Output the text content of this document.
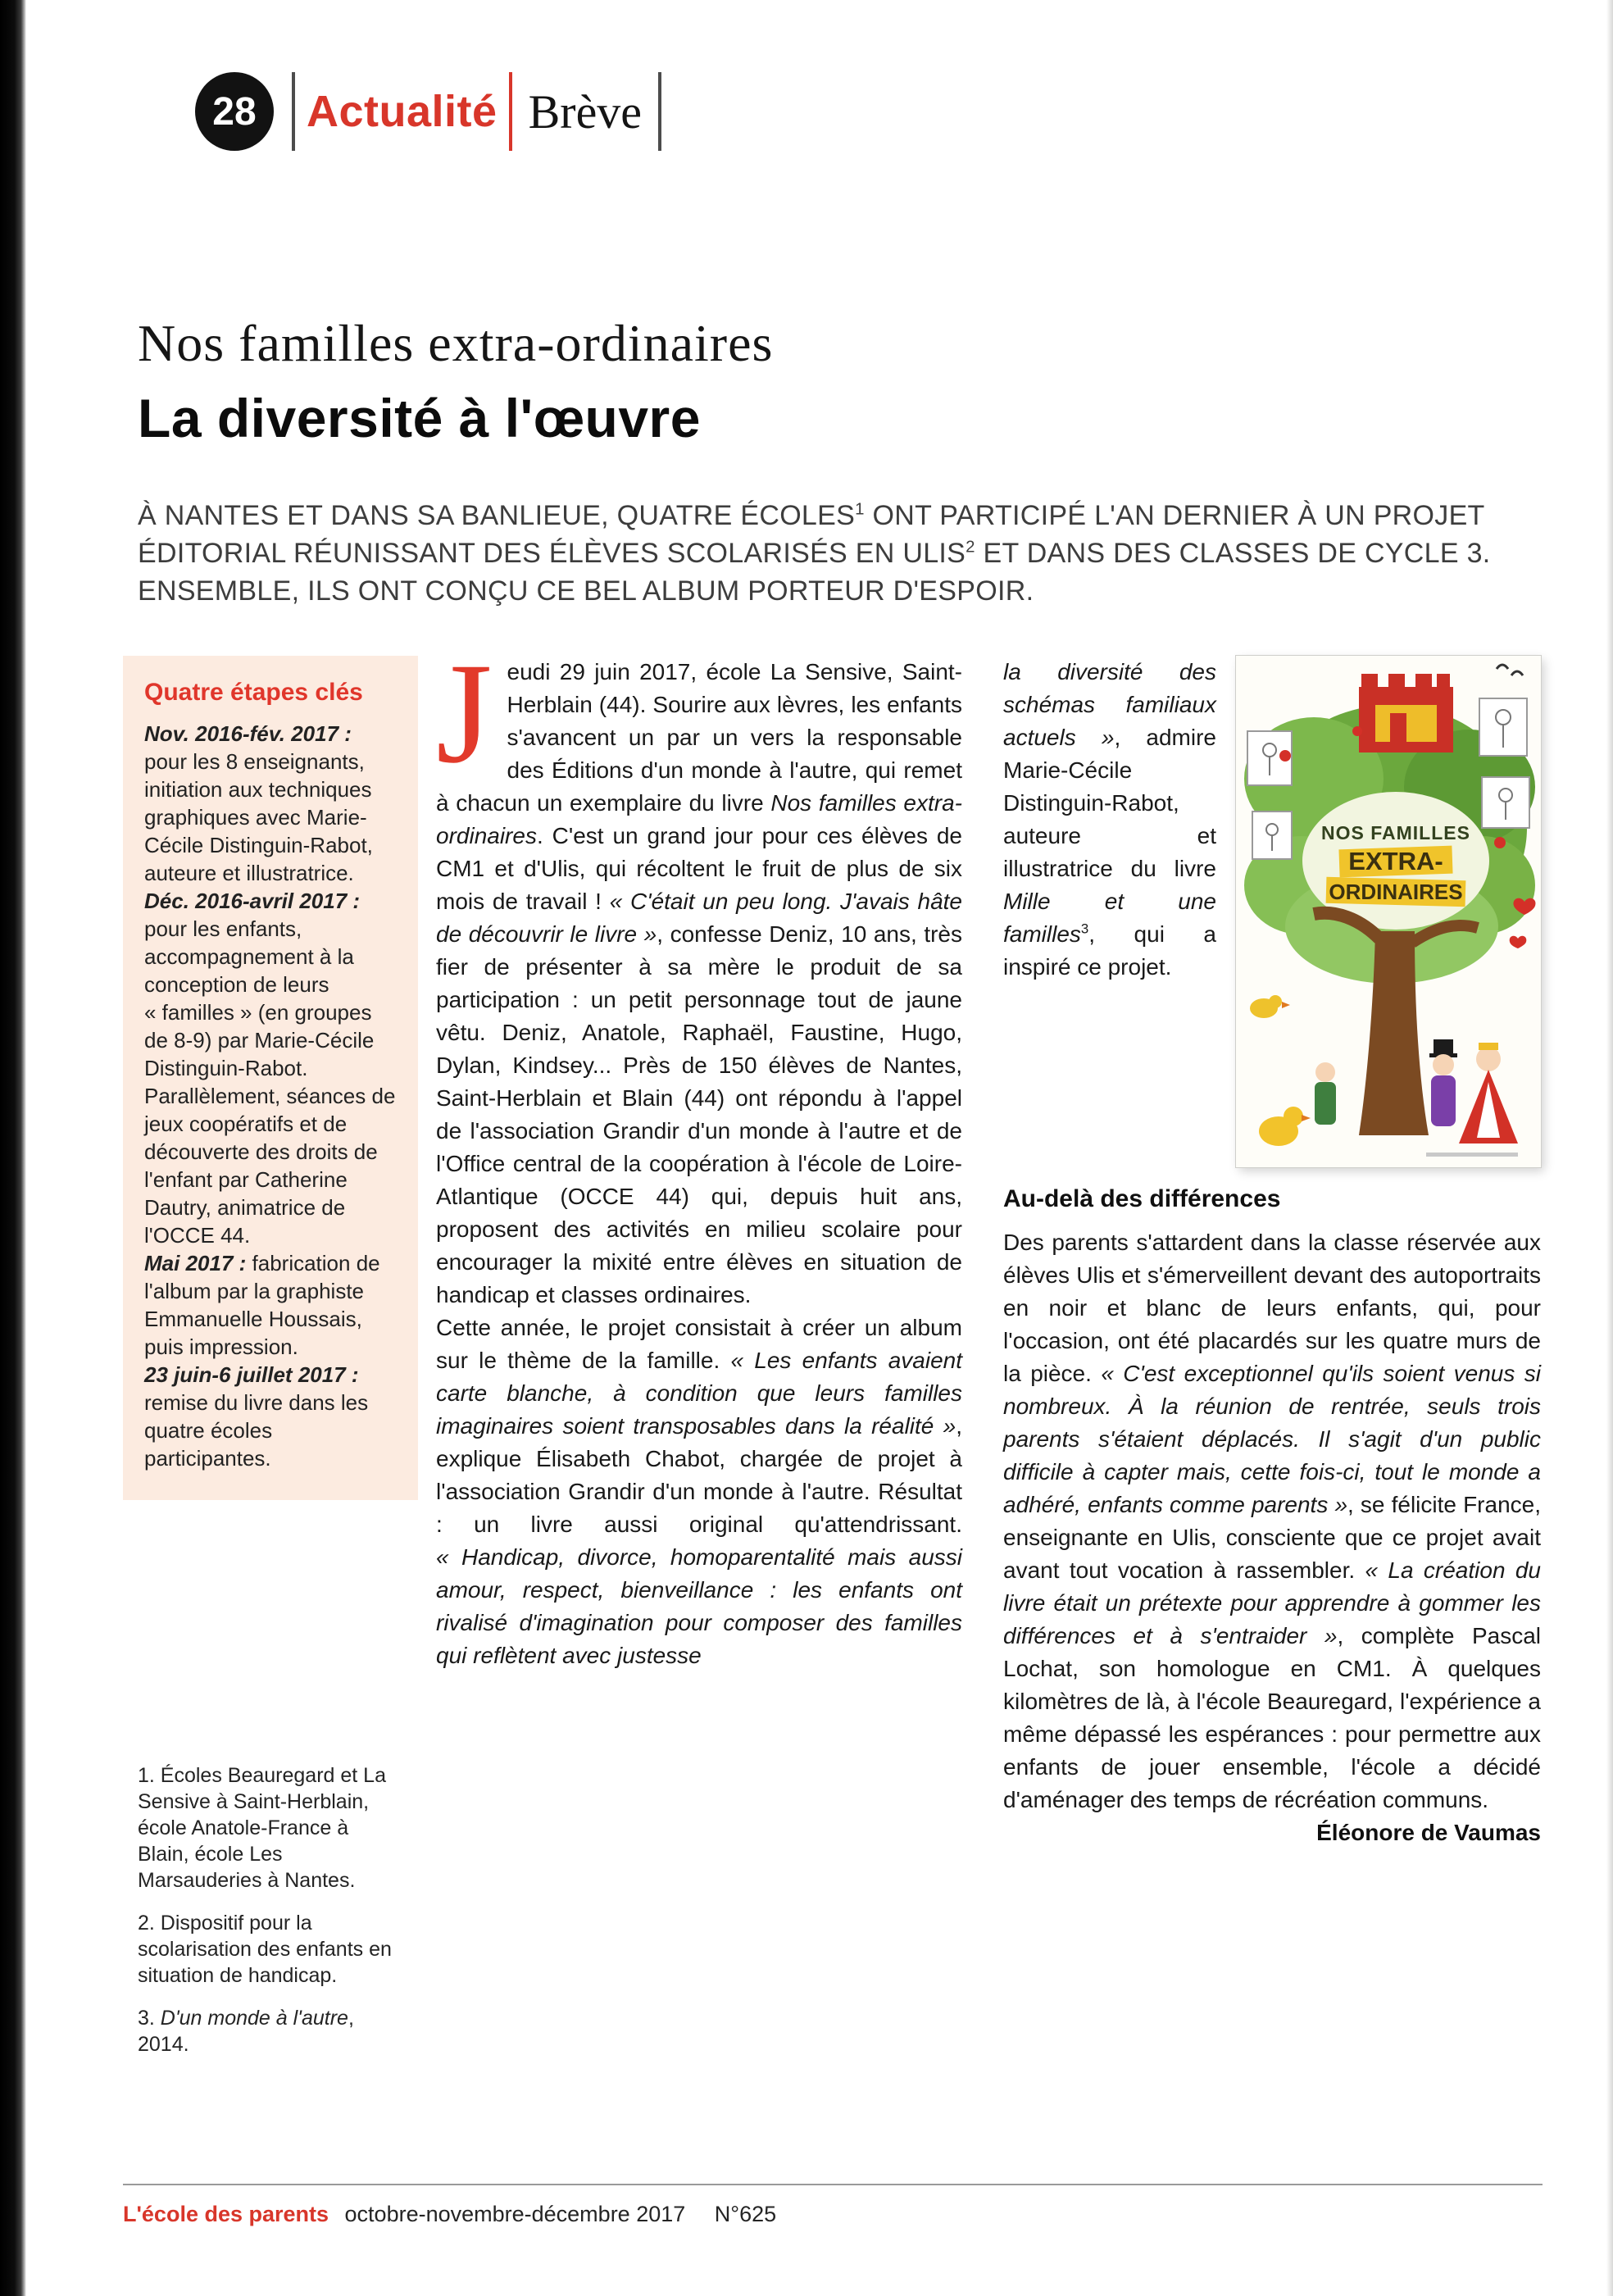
28	Actualité Brève
Nos familles extra-ordinaires
La diversité à l'œuvre

À NANTES ET DANS SA BANLIEUE, QUATRE ÉCOLES$^1$ ONT PARTICIPÉ L'AN DERNIER À UN PROJET ÉDITORIAL RÉUNISSANT DES ÉLÈVES SCOLARISÉS EN ULIS$^2$ ET DANS DES CLASSES DE CYCLE 3. ENSEMBLE, ILS ONT CONÇU CE BEL ALBUM PORTEUR D'ESPOIR.

Quatre étapes clés

Nov. 2016-fév. 2017 : pour les 8 enseignants, initiation aux techniques graphiques avec Marie-Cécile Distinguin-Rabot, auteure et illustratrice.

Déc. 2016-avril 2017 : pour les enfants, accompagnement à la conception de leurs « familles » (en groupes de 8-9) par Marie-Cécile Distinguin-Rabot. Parallèlement, séances de jeux coopératifs et de découverte des droits de l'enfant par Catherine Dautry, animatrice de l'OCCE 44.

Mai 2017 : fabrication de l'album par la graphiste Emmanuelle Houssais, puis impression.

23 juin-6 juillet 2017 : remise du livre dans les quatre écoles participantes.

1. Écoles Beauregard et La Sensive à Saint-Herblain, école Anatole-France à Blain, école Les Marsauderies à Nantes.

2. Dispositif pour la scolarisation des enfants en situation de handicap.

3. D'un monde à l'autre, 2014.

Jeudi 29 juin 2017, école La Sensive, Saint-Herblain (44). Sourire aux lèvres, les enfants s'avancent un par un vers la responsable des Éditions d'un monde à l'autre, qui remet à chacun un exemplaire du livre Nos familles extra-ordinaires. C'est un grand jour pour ces élèves de CM1 et d'Ulis, qui récoltent le fruit de plus de six mois de travail ! « C'était un peu long. J'avais hâte de découvrir le livre », confesse Deniz, 10 ans, très fier de présenter à sa mère le produit de sa participation : un petit personnage tout de jaune vêtu. Deniz, Anatole, Raphaël, Faustine, Hugo, Dylan, Kindsey... Près de 150 élèves de Nantes, Saint-Herblain et Blain (44) ont répondu à l'appel de l'association Grandir d'un monde à l'autre et de l'Office central de la coopération à l'école de Loire-Atlantique (OCCE 44) qui, depuis huit ans, proposent des activités en milieu scolaire pour encourager la mixité entre élèves en situation de handicap et classes ordinaires.

Cette année, le projet consistait à créer un album sur le thème de la famille. « Les enfants avaient carte blanche, à condition que leurs familles imaginaires soient transposables dans la réalité », explique Élisabeth Chabot, chargée de projet à l'association Grandir d'un monde à l'autre. Résultat : un livre aussi original qu'attendrissant. « Handicap, divorce, homoparentalité mais aussi amour, respect, bienveillance : les enfants ont rivalisé d'imagination pour composer des familles qui reflètent avec justesse

NOS FAMILLES
EXTRA-
ORDINAIRES

la diversité des schémas familiaux actuels », admire Marie-Cécile Distinguin-Rabot, auteure et illustratrice du livre Mille et une familles$^3$, qui a inspiré ce projet.

Au-delà des différences

Des parents s'attardent dans la classe réservée aux élèves Ulis et s'émerveillent devant des autoportraits en noir et blanc de leurs enfants, qui, pour l'occasion, ont été placardés sur les quatre murs de la pièce. « C'est exceptionnel qu'ils soient venus si nombreux. À la réunion de rentrée, seuls trois parents s'étaient déplacés. Il s'agit d'un public difficile à capter mais, cette fois-ci, tout le monde a adhéré, enfants comme parents », se félicite France, enseignante en Ulis, consciente que ce projet avait avant tout vocation à rassembler. « La création du livre était un prétexte pour apprendre à gommer les différences et à s'entraider », complète Pascal Lochat, son homologue en CM1. À quelques kilomètres de là, à l'école Beauregard, l'expérience a même dépassé les espérances : pour permettre aux enfants de jouer ensemble, l'école a décidé d'aménager des temps de récréation communs.
Éléonore de Vaumas

L'école des parents octobre-novembre-décembre 2017 N°625
